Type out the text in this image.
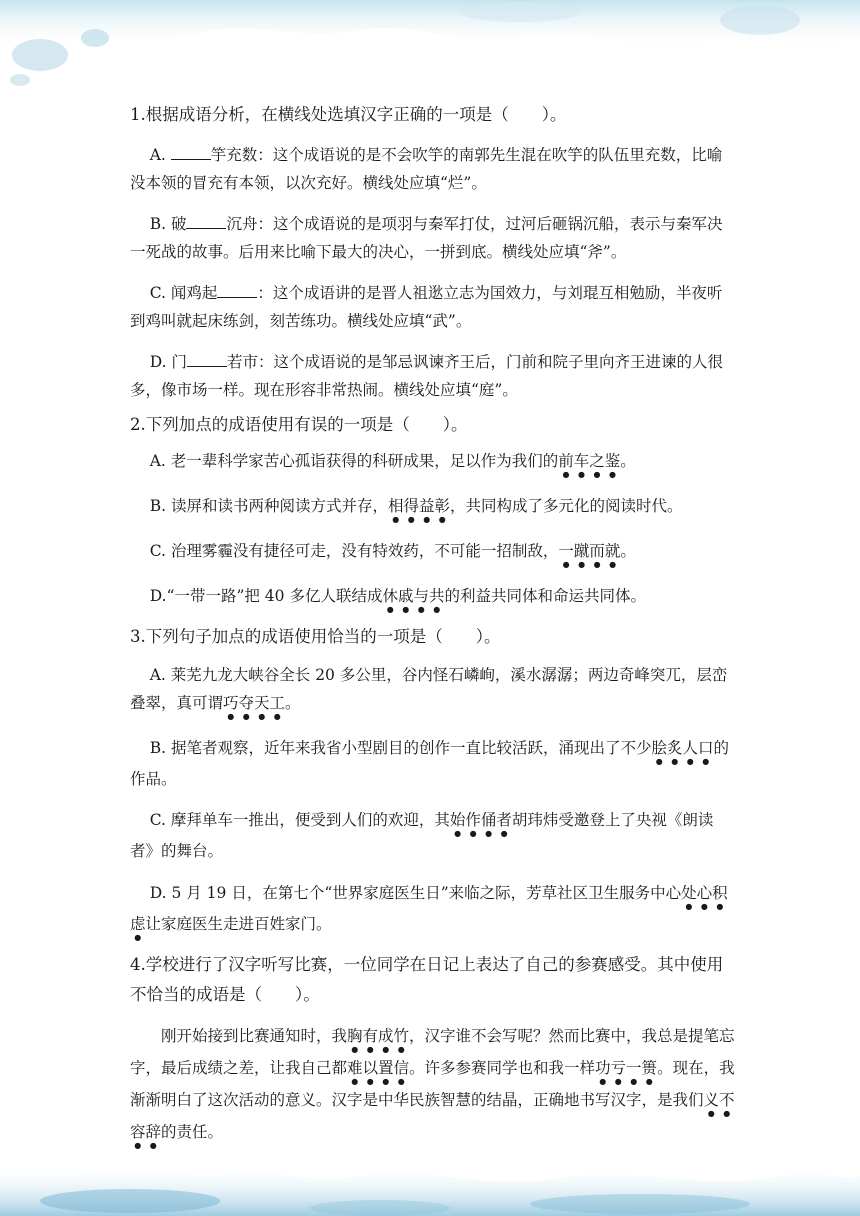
1.根据成语分析，在横线处选填汉字正确的一项是（　　）。

A.	竽充数：这个成语说的是不会吹竽的南郭先生混在吹竽的队伍里充数，比喻没本领的冒充有本领，以次充好。横线处应填“烂”。

B. 破	沉舟：这个成语说的是项羽与秦军打仗，过河后砸锅沉船，表示与秦军决一死战的故事。后用来比喻下最大的决心，一拼到底。横线处应填“斧”。

C. 闻鸡起	：这个成语讲的是晋人祖逖立志为国效力，与刘琨互相勉励，半夜听到鸡叫就起床练剑，刻苦练功。横线处应填“武”。

D. 门	若市：这个成语说的是邹忌讽谏齐王后，门前和院子里向齐王进谏的人很多，像市场一样。现在形容非常热闹。横线处应填“庭”。

2.下列加点的成语使用有误的一项是（　　）。

A. 老一辈科学家苦心孤诣获得的科研成果，足以作为我们的前车之鉴。

B. 读屏和读书两种阅读方式并存，相得益彰，共同构成了多元化的阅读时代。

C. 治理雾霾没有捷径可走，没有特效药，不可能一招制敌，一蹴而就。

D.“一带一路”把 40 多亿人联结成休戚与共的利益共同体和命运共同体。

3.下列句子加点的成语使用恰当的一项是（　　）。

A. 莱芜九龙大峡谷全长 20 多公里，谷内怪石嶙峋，溪水潺潺；两边奇峰突兀，层峦叠翠，真可谓巧夺天工。

B. 据笔者观察，近年来我省小型剧目的创作一直比较活跃，涌现出了不少脍炙人口的作品。

C. 摩拜单车一推出，便受到人们的欢迎，其始作俑者胡玮炜受邀登上了央视《朗读者》的舞台。

D. 5 月 19 日，在第七个“世界家庭医生日”来临之际，芳草社区卫生服务中心处心积虑让家庭医生走进百姓家门。

4.学校进行了汉字听写比赛，一位同学在日记上表达了自己的参赛感受。其中使用不恰当的成语是（　　）。

刚开始接到比赛通知时，我胸有成竹，汉字谁不会写呢？然而比赛中，我总是提笔忘字，最后成绩之差，让我自己都难以置信。许多参赛同学也和我一样功亏一篑。现在，我渐渐明白了这次活动的意义。汉字是中华民族智慧的结晶，正确地书写汉字，是我们义不容辞的责任。
